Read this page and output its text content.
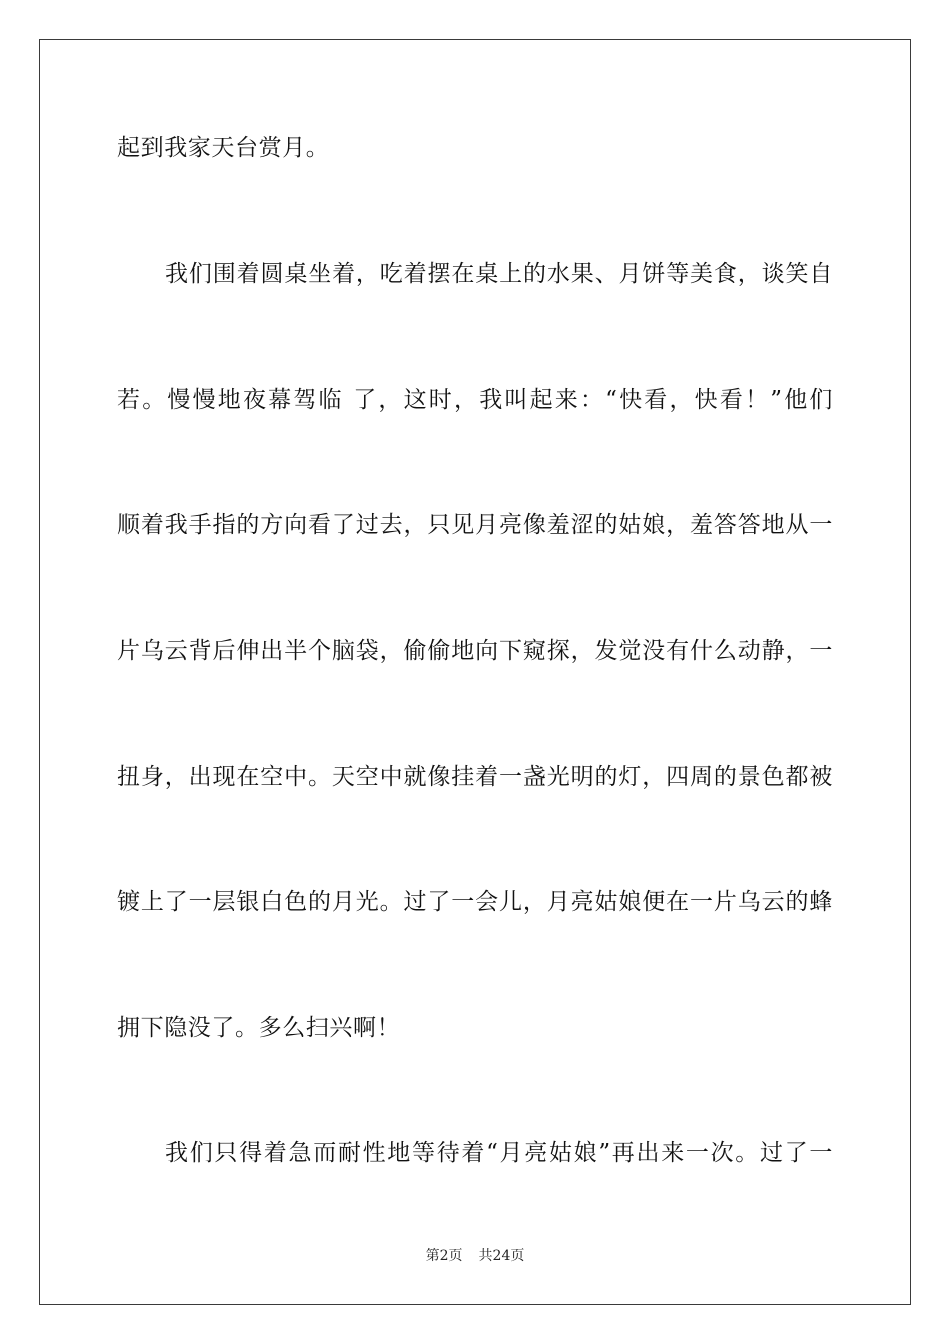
起到我家天台赏月。
我们围着圆桌坐着，吃着摆在桌上的水果、月饼等美食，谈笑自
若。慢慢地夜幕驾临 了，这时，我叫起来：“快看，快看！”他们
顺着我手指的方向看了过去，只见月亮像羞涩的姑娘，羞答答地从一
片乌云背后伸出半个脑袋，偷偷地向下窥探，发觉没有什么动静，一
扭身，出现在空中。天空中就像挂着一盏光明的灯，四周的景色都被
镀上了一层银白色的月光。过了一会儿，月亮姑娘便在一片乌云的蜂
拥下隐没了。多么扫兴啊！
我们只得着急而耐性地等待着“月亮姑娘”再出来一次。过了一
第2页 共24页
